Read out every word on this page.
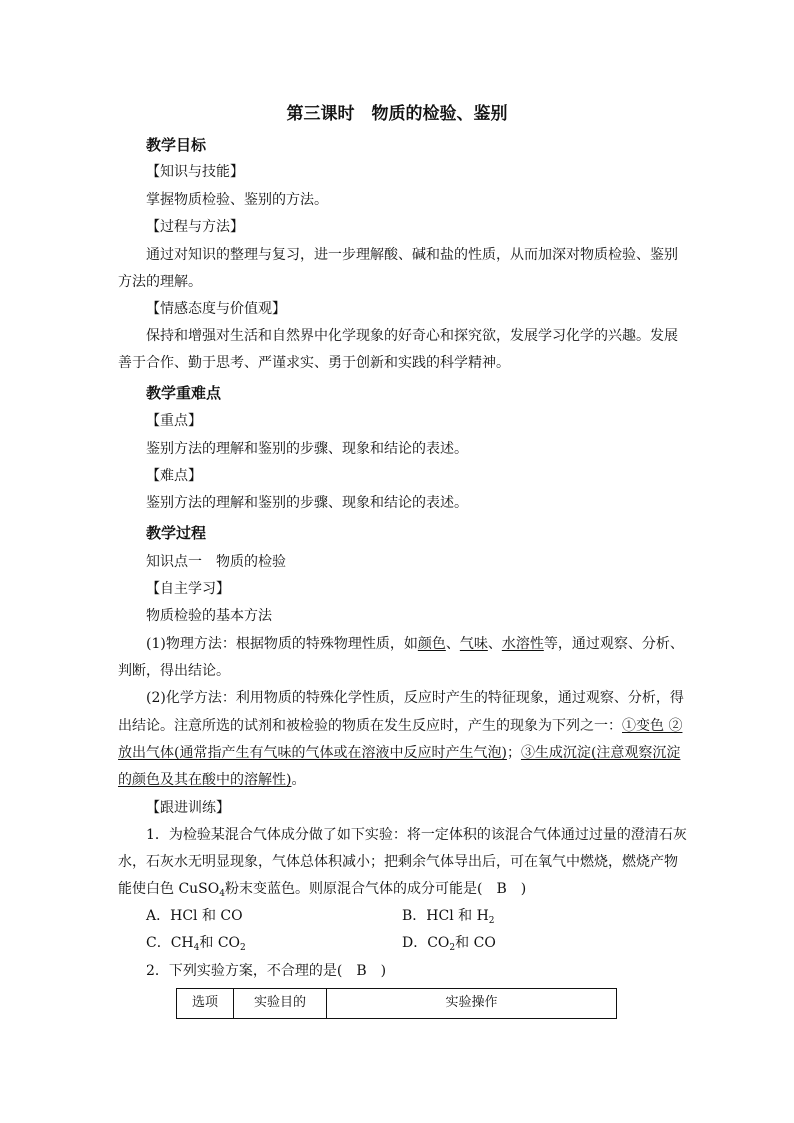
第三课时　物质的检验、鉴别
教学目标
【知识与技能】
掌握物质检验、鉴别的方法。
【过程与方法】
通过对知识的整理与复习，进一步理解酸、碱和盐的性质，从而加深对物质检验、鉴别
方法的理解。
【情感态度与价值观】
保持和增强对生活和自然界中化学现象的好奇心和探究欲，发展学习化学的兴趣。发展
善于合作、勤于思考、严谨求实、勇于创新和实践的科学精神。
教学重难点
【重点】
鉴别方法的理解和鉴别的步骤、现象和结论的表述。
【难点】
鉴别方法的理解和鉴别的步骤、现象和结论的表述。
教学过程
知识点一　物质的检验
【自主学习】
物质检验的基本方法
(1)物理方法：根据物质的特殊物理性质，如颜色、气味、水溶性等，通过观察、分析、
判断，得出结论。
(2)化学方法：利用物质的特殊化学性质，反应时产生的特征现象，通过观察、分析，得
出结论。注意所选的试剂和被检验的物质在发生反应时，产生的现象为下列之一：①变色 ②
放出气体(通常指产生有气味的气体或在溶液中反应时产生气泡)；③生成沉淀(注意观察沉淀
的颜色及其在酸中的溶解性)。
【跟进训练】
1．为检验某混合气体成分做了如下实验：将一定体积的该混合气体通过过量的澄清石灰
水，石灰水无明显现象，气体总体积减小；把剩余气体导出后，可在氧气中燃烧，燃烧产物
能使白色 CuSO$_4$粉末变蓝色。则原混合气体的成分可能是(　B　)
A．HCl 和 CO	B．HCl 和 $H_2$
C．$CH_4$和 $CO_2$	D．$CO_2$和 CO
2．下列实验方案，不合理的是(　B　)
选项	实验目的	实验操作
